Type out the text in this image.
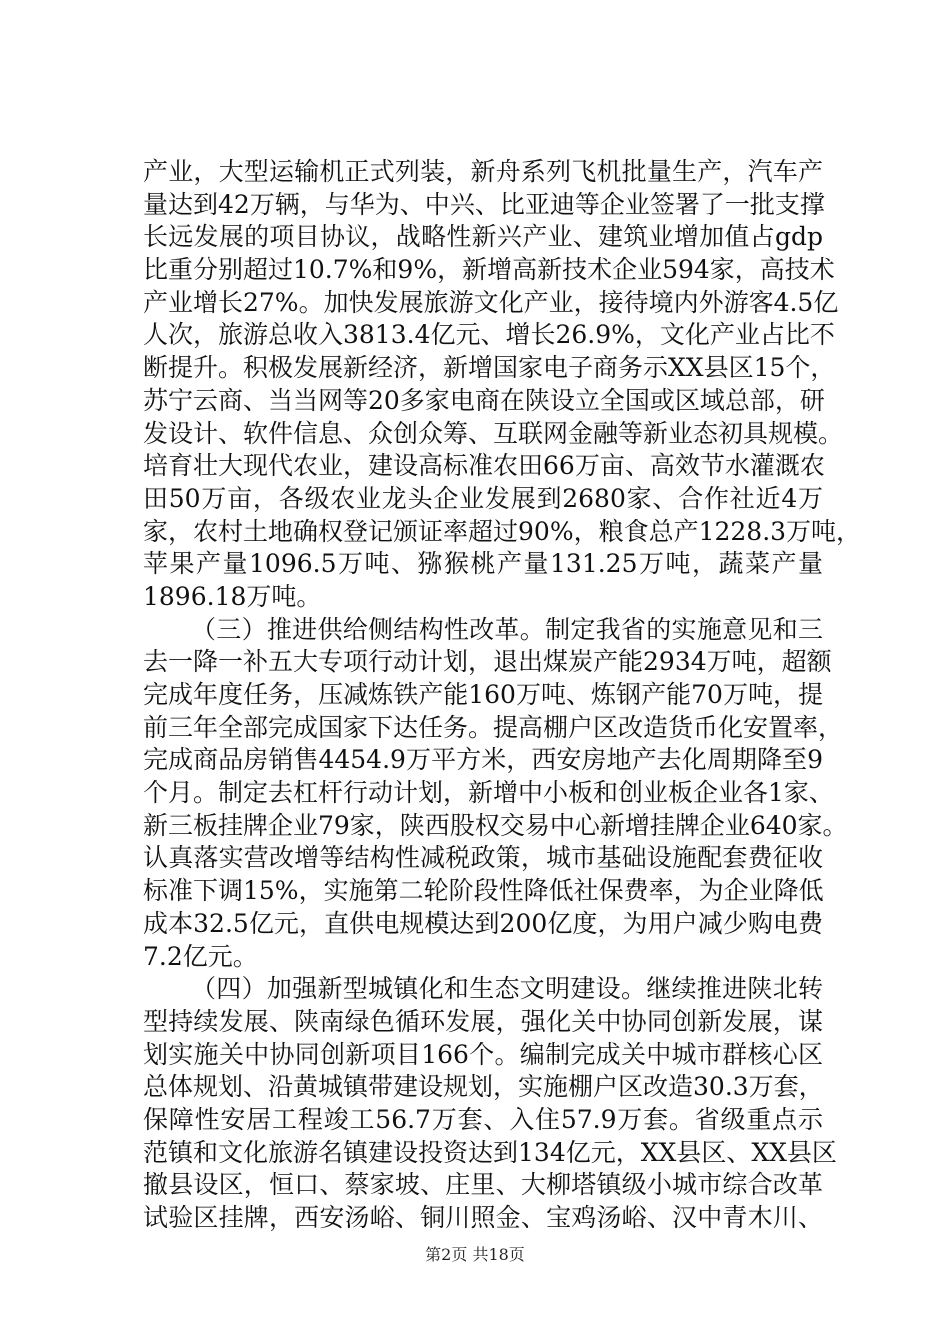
产业，大型运输机正式列装，新舟系列飞机批量生产，汽车产
量达到42万辆，与华为、中兴、比亚迪等企业签署了一批支撑
长远发展的项目协议，战略性新兴产业、建筑业增加值占gdp
比重分别超过10.7%和9%，新增高新技术企业594家，高技术
产业增长27%。加快发展旅游文化产业，接待境内外游客4.5亿
人次，旅游总收入3813.4亿元、增长26.9%，文化产业占比不
断提升。积极发展新经济，新增国家电子商务示XX县区15个，
苏宁云商、当当网等20多家电商在陕设立全国或区域总部，研
发设计、软件信息、众创众筹、互联网金融等新业态初具规模。
培育壮大现代农业，建设高标准农田66万亩、高效节水灌溉农
田50万亩，各级农业龙头企业发展到2680家、合作社近4万
家，农村土地确权登记颁证率超过90%，粮食总产1228.3万吨，
苹果产量1096.5万吨、猕猴桃产量131.25万吨，蔬菜产量
1896.18万吨。
（三）推进供给侧结构性改革。制定我省的实施意见和三
去一降一补五大专项行动计划，退出煤炭产能2934万吨，超额
完成年度任务，压减炼铁产能160万吨、炼钢产能70万吨，提
前三年全部完成国家下达任务。提高棚户区改造货币化安置率，
完成商品房销售4454.9万平方米，西安房地产去化周期降至9
个月。制定去杠杆行动计划，新增中小板和创业板企业各1家、
新三板挂牌企业79家，陕西股权交易中心新增挂牌企业640家。
认真落实营改增等结构性减税政策，城市基础设施配套费征收
标准下调15%，实施第二轮阶段性降低社保费率，为企业降低
成本32.5亿元，直供电规模达到200亿度，为用户减少购电费
7.2亿元。
（四）加强新型城镇化和生态文明建设。继续推进陕北转
型持续发展、陕南绿色循环发展，强化关中协同创新发展，谋
划实施关中协同创新项目166个。编制完成关中城市群核心区
总体规划、沿黄城镇带建设规划，实施棚户区改造30.3万套，
保障性安居工程竣工56.7万套、入住57.9万套。省级重点示
范镇和文化旅游名镇建设投资达到134亿元，XX县区、XX县区
撤县设区，恒口、蔡家坡、庄里、大柳塔镇级小城市综合改革
试验区挂牌，西安汤峪、铜川照金、宝鸡汤峪、汉中青木川、
第2页 共18页
